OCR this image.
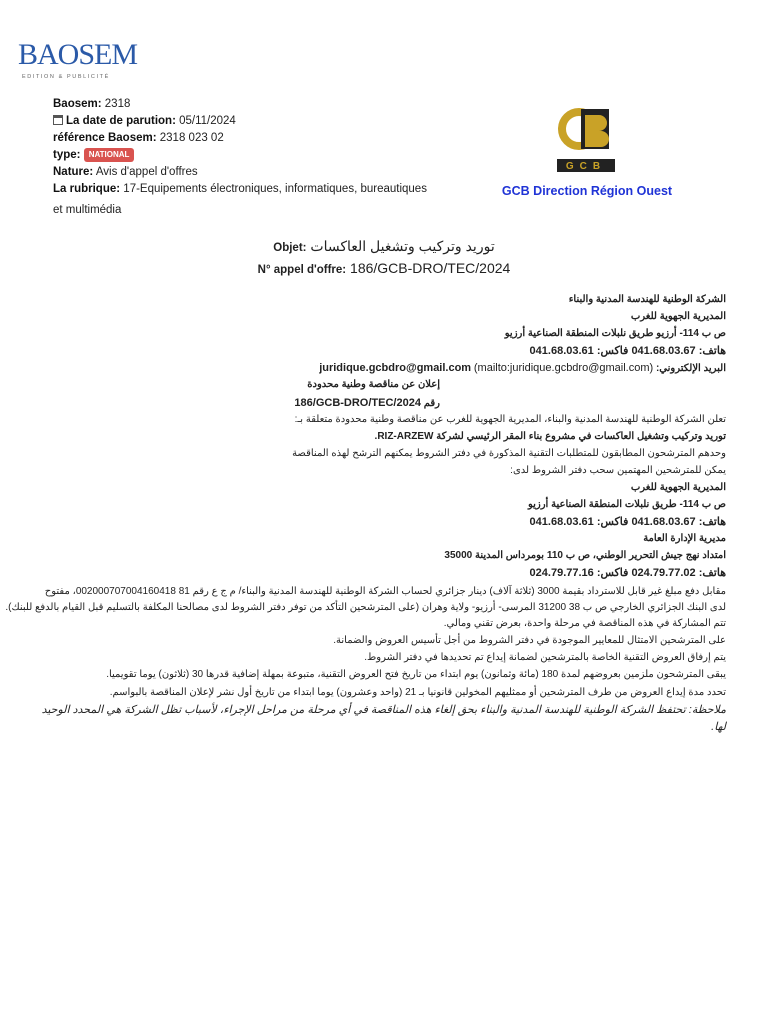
BAOSEM
EDITION & PUBLICITÉ
Baosem: 2318
La date de parution: 05/11/2024
référence Baosem: 2318 023 02
type: NATIONAL
Nature: Avis d'appel d'offres
La rubrique: 17-Equipements électroniques, informatiques, bureautiques
et multimédia
GCB
GCB Direction Région Ouest
Objet: توريد وتركيب وتشغيل العاكسات
N° appel d'offre: 186/GCB-DRO/TEC/2024
الشركة الوطنية للهندسة المدنية والبناء
المديرية الجهوية للغرب
ص ب 114- أرزيو طريق نلبلات المنطقة الصناعية أرزيو
هاتف: 041.68.03.67 فاكس: 041.68.03.61
البريد الإلكتروني: juridique.gcbdro@gmail.com (mailto:juridique.gcbdro@gmail.com)
إعلان عن مناقصة وطنية محدودة
رقم 186/GCB-DRO/TEC/2024
تعلن الشركة الوطنية للهندسة المدنية والبناء، المديرية الجهوية للغرب عن مناقصة وطنية محدودة متعلقة بـ:
توريد وتركيب وتشغيل العاكسات في مشروع بناء المقر الرئيسي لشركة RIZ-ARZEW.
وحدهم المترشحون المطابقون للمتطلبات التقنية المذكورة في دفتر الشروط يمكنهم الترشح لهذه المناقصة
يمكن للمترشحين المهتمين سحب دفتر الشروط لدى:
المديرية الجهوية للغرب
ص ب 114- طريق نلبلات المنطقة الصناعية أرزيو
هاتف: 041.68.03.67 فاكس: 041.68.03.61
مديرية الإدارة العامة
امتداد نهج جيش التحرير الوطني، ص ب 110 بومرداس المدينة 35000
هاتف: 024.79.77.02 فاكس: 024.79.77.16
مقابل دفع مبلغ غير قابل للاسترداد بقيمة 3000 (ثلاثة آلاف) دينار جزائري لحساب الشركة الوطنية للهندسة المدنية والبناء/ م ج ع رقم 81 002000707004160418، مفتوح
لدى البنك الجزائري الخارجي ص ب 38 31200 المرسى- أرزيو- ولاية وهران (على المترشحين التأكد من توفر دفتر الشروط لدى مصالحنا المكلفة بالتسليم قبل القيام بالدفع للبنك).
تتم المشاركة في هذه المناقصة في مرحلة واحدة، بعرض تقني ومالي.
على المترشحين الامتثال للمعايير الموجودة في دفتر الشروط من أجل تأسيس العروض والضمانة.
يتم إرفاق العروض التقنية الخاصة بالمترشحين لضمانة إيداع تم تحديدها في دفتر الشروط.
يبقى المترشحون ملزمين بعروضهم لمدة 180 (مائة وثمانون) يوم ابتداء من تاريخ فتح العروض التقنية، متبوعة بمهلة إضافية قدرها 30 (ثلاثون) يوما تقويميا.
تحدد مدة إيداع العروض من طرف المترشحين أو ممثليهم المخولين قانونيا بـ 21 (واحد وعشرون) يوما ابتداء من تاريخ أول نشر لإعلان المناقصة بالبواسم.
ملاحظة: تحتفظ الشركة الوطنية للهندسة المدنية والبناء بحق إلغاء هذه المناقصة في أي مرحلة من مراحل الإجراء، لأسباب تظل الشركة هي المحدد الوحيد لها.
